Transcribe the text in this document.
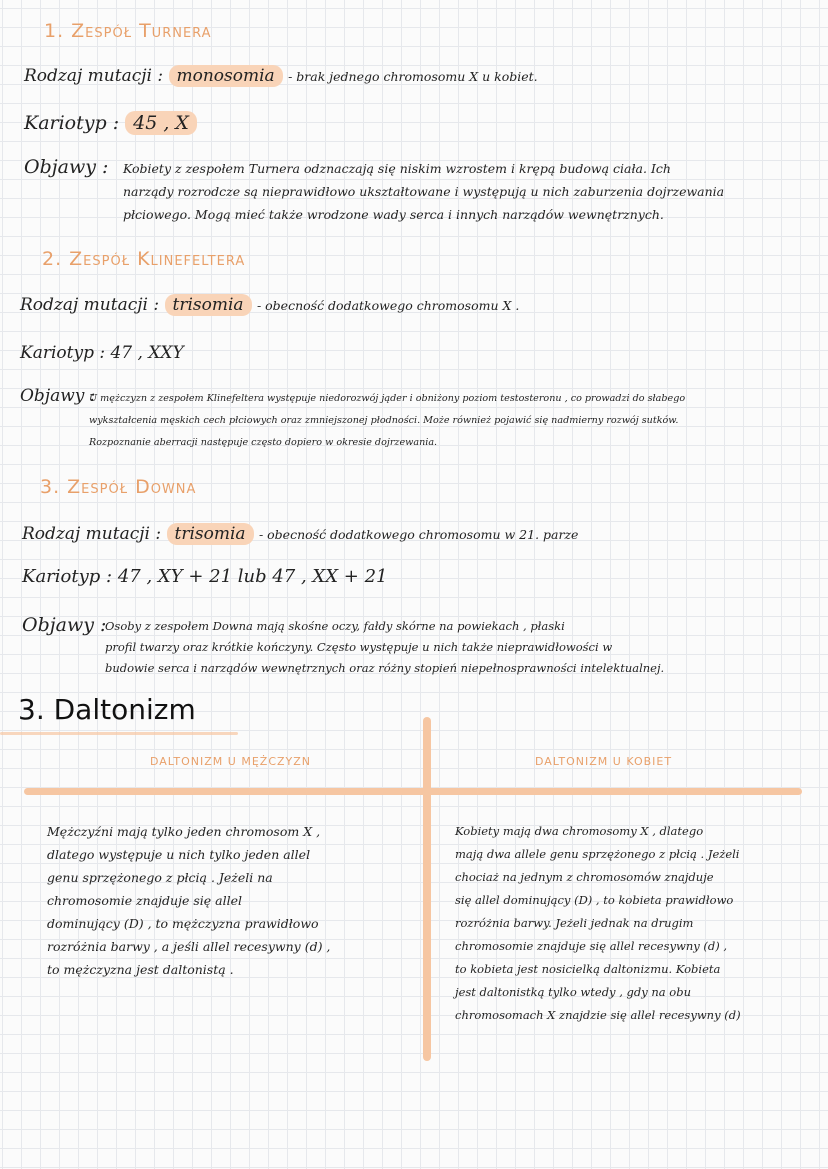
1. Zespół Turnera
Rodzaj mutacji : monosomia - brak jednego chromosomu X u kobiet.
Kariotyp : 45 , X
Objawy : Kobiety z zespołem Turnera odznaczają się niskim wzrostem i krępą budową ciała. Ich
narządy rozrodcze są nieprawidłowo ukształtowane i występują u nich zaburzenia dojrzewania
płciowego. Mogą mieć także wrodzone wady serca i innych narządów wewnętrznych.
2. Zespół Klinefeltera
Rodzaj mutacji : trisomia - obecność dodatkowego chromosomu X .
Kariotyp : 47 , XXY
Objawy :
U mężczyzn z zespołem Klinefeltera występuje niedorozwój jąder i obniżony poziom testosteronu , co prowadzi do słabego
wykształcenia męskich cech płciowych oraz zmniejszonej płodności. Może również pojawić się nadmierny rozwój sutków.
Rozpoznanie aberracji następuje często dopiero w okresie dojrzewania.
3. Zespół Downa
Rodzaj mutacji : trisomia - obecność dodatkowego chromosomu w 21. parze
Kariotyp : 47 , XY + 21 lub 47 , XX + 21
Objawy :
Osoby z zespołem Downa mają skośne oczy, fałdy skórne na powiekach , płaski
profil twarzy oraz krótkie kończyny. Często występuje u nich także nieprawidłowości w
budowie serca i narządów wewnętrznych oraz różny stopień niepełnosprawności intelektualnej.
3. Daltonizm
DALTONIZM U MĘŻCZYZN	DALTONIZM U KOBIET
Mężczyźni mają tylko jeden chromosom X ,
dlatego występuje u nich tylko jeden allel
genu sprzężonego z płcią . Jeżeli na
chromosomie znajduje się allel
dominujący (D) , to mężczyzna prawidłowo
rozróżnia barwy , a jeśli allel recesywny (d) ,
to mężczyzna jest daltonistą .
Kobiety mają dwa chromosomy X , dlatego
mają dwa allele genu sprzężonego z płcią . Jeżeli
chociaż na jednym z chromosomów znajduje
się allel dominujący (D) , to kobieta prawidłowo
rozróżnia barwy. Jeżeli jednak na drugim
chromosomie znajduje się allel recesywny (d) ,
to kobieta jest nosicielką daltonizmu. Kobieta
jest daltonistką tylko wtedy , gdy na obu
chromosomach X znajdzie się allel recesywny (d)
